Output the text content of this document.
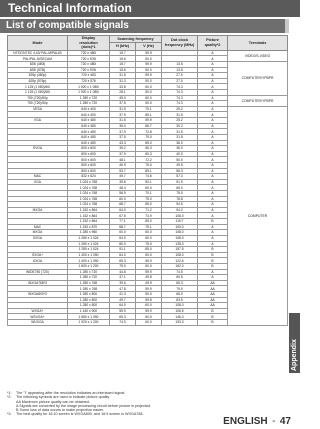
Technical Information
List of compatible signals
Mode	Display
resolution
(dots)*1	Scanning frequency		Dot clock frequency (MHz)	Picture quality*2	Terminals
		H (kHz)	V (Hz)			
NTSC/NTSC 4.43/ PAL-M/PAL60	720 x 480i	15.7	59.9		A	VIDEO/S-VIDEO
PAL/PAL-N/SECAM	720 x 576i	15.6	50.0		A	
525i (480i)	720 x 480i	15.7	59.9	13.5	A	COMPUTER/YPBPR
625i (576i)	720 x 576i	15.6	50.0	13.5	A	
525p (480p)	720 x 483	31.5	59.9	27.0	A	
625p (576p)	720 x 576	31.3	50.0	27.0	A	
1 125 (1 080)/60i	1 920 x 1 080i	33.8	60.0	74.3	A	
1 125 (1 080)/50i	1 920 x 1 080i	28.1	50.0	74.3	A	
750 (720)/60p	1 280 x 720	45.0	60.0	74.3	A	COMPUTER/YPBPR
750 (720)/50p	1 280 x 720	37.5	50.0	74.3	A	
VESA	640 x 400	31.5	70.1	25.2	A	COMPUTER
	640 x 400	37.9	85.1	31.5	A	
VGA	640 x 480	31.5	59.9	25.2	A	
	640 x 480	35.0	66.7	30.2	A	
	640 x 480	37.9	72.8	31.5	A	
	640 x 480	37.5	75.0	31.5	A	
	640 x 480	43.3	85.0	36.0	A	
SVGA	800 x 600	35.2	56.3	36.0	A	
	800 x 600	37.9	60.3	40.0	A	
	800 x 600	48.1	72.2	50.0	A	
	800 x 600	46.9	75.0	49.5	A	
	800 x 600	53.7	85.1	56.3	A	
MAC	832 x 624	49.7	74.6	57.3	A	
XGA	1 024 x 768	39.6	50.1	51.9	A	
	1 024 x 768	48.4	60.0	65.0	A	
	1 024 x 768	56.5	70.1	75.0	A	
	1 024 x 768	60.0	75.0	78.8	A	
	1 024 x 768	68.7	85.0	94.5	A	
MXGA	1 152 x 864	64.0	71.2	94.2	A	
	1 152 x 864	67.5	74.9	108.0	A	
	1 152 x 864	77.1	85.0	119.7	B	
MAC	1 152 x 870	68.7	75.1	100.0	A	
MXGA	1 280 x 960	60.0	60.0	108.0	A	
SXGA	1 280 x 1 024	64.0	60.0	108.0	A	
	1 280 x 1 024	80.0	75.0	135.0	A	
	1 280 x 1 024	91.1	85.0	157.5	B	
SXGA+	1 400 x 1 050	64.0	60.0	108.0	B	
UXGA	1 400 x 1 050	65.3	59.9	122.6	B	
	1 600 x 1 200	75.0	60.0	162.0	B	
WIDE750 (720)	1 280 x 720	44.8	59.9	74.5	A	
	1 280 x 720	37.1	49.8	60.5	A	
WXGA768*3	1 280 x 768	39.6	49.9	65.3	AA	
	1 280 x 768	47.8	59.9	79.5	AA	
WXGA800*3	1 280 x 800	41.3	50.0	68.0	AA	
	1 280 x 800	49.7	59.8	83.5	AA	
	1 280 x 800	64.0	60.0	108.0	AA	
WXGA+	1 440 x 900	55.9	59.9	106.5	B	
WSXGA+	1 680 x 1 050	65.3	60.0	146.3	B	
WUXGA	1 920 x 1 200	74.0	60.0	193.3	B	
*1:	The "i" appearing after the resolution indicates an interlaced signal.
*2:	The following symbols are used to indicate picture quality.
AA Maximum picture quality can be obtained.
A Signals are converted by the image processing circuit before picture is projected.
B Some loss of data occurs to make projection easier.
*3:	The best quality for 16:10 screen is WXGA800, and 16:9 screen is WXGA768.
Appendix
ENGLISH - 47
